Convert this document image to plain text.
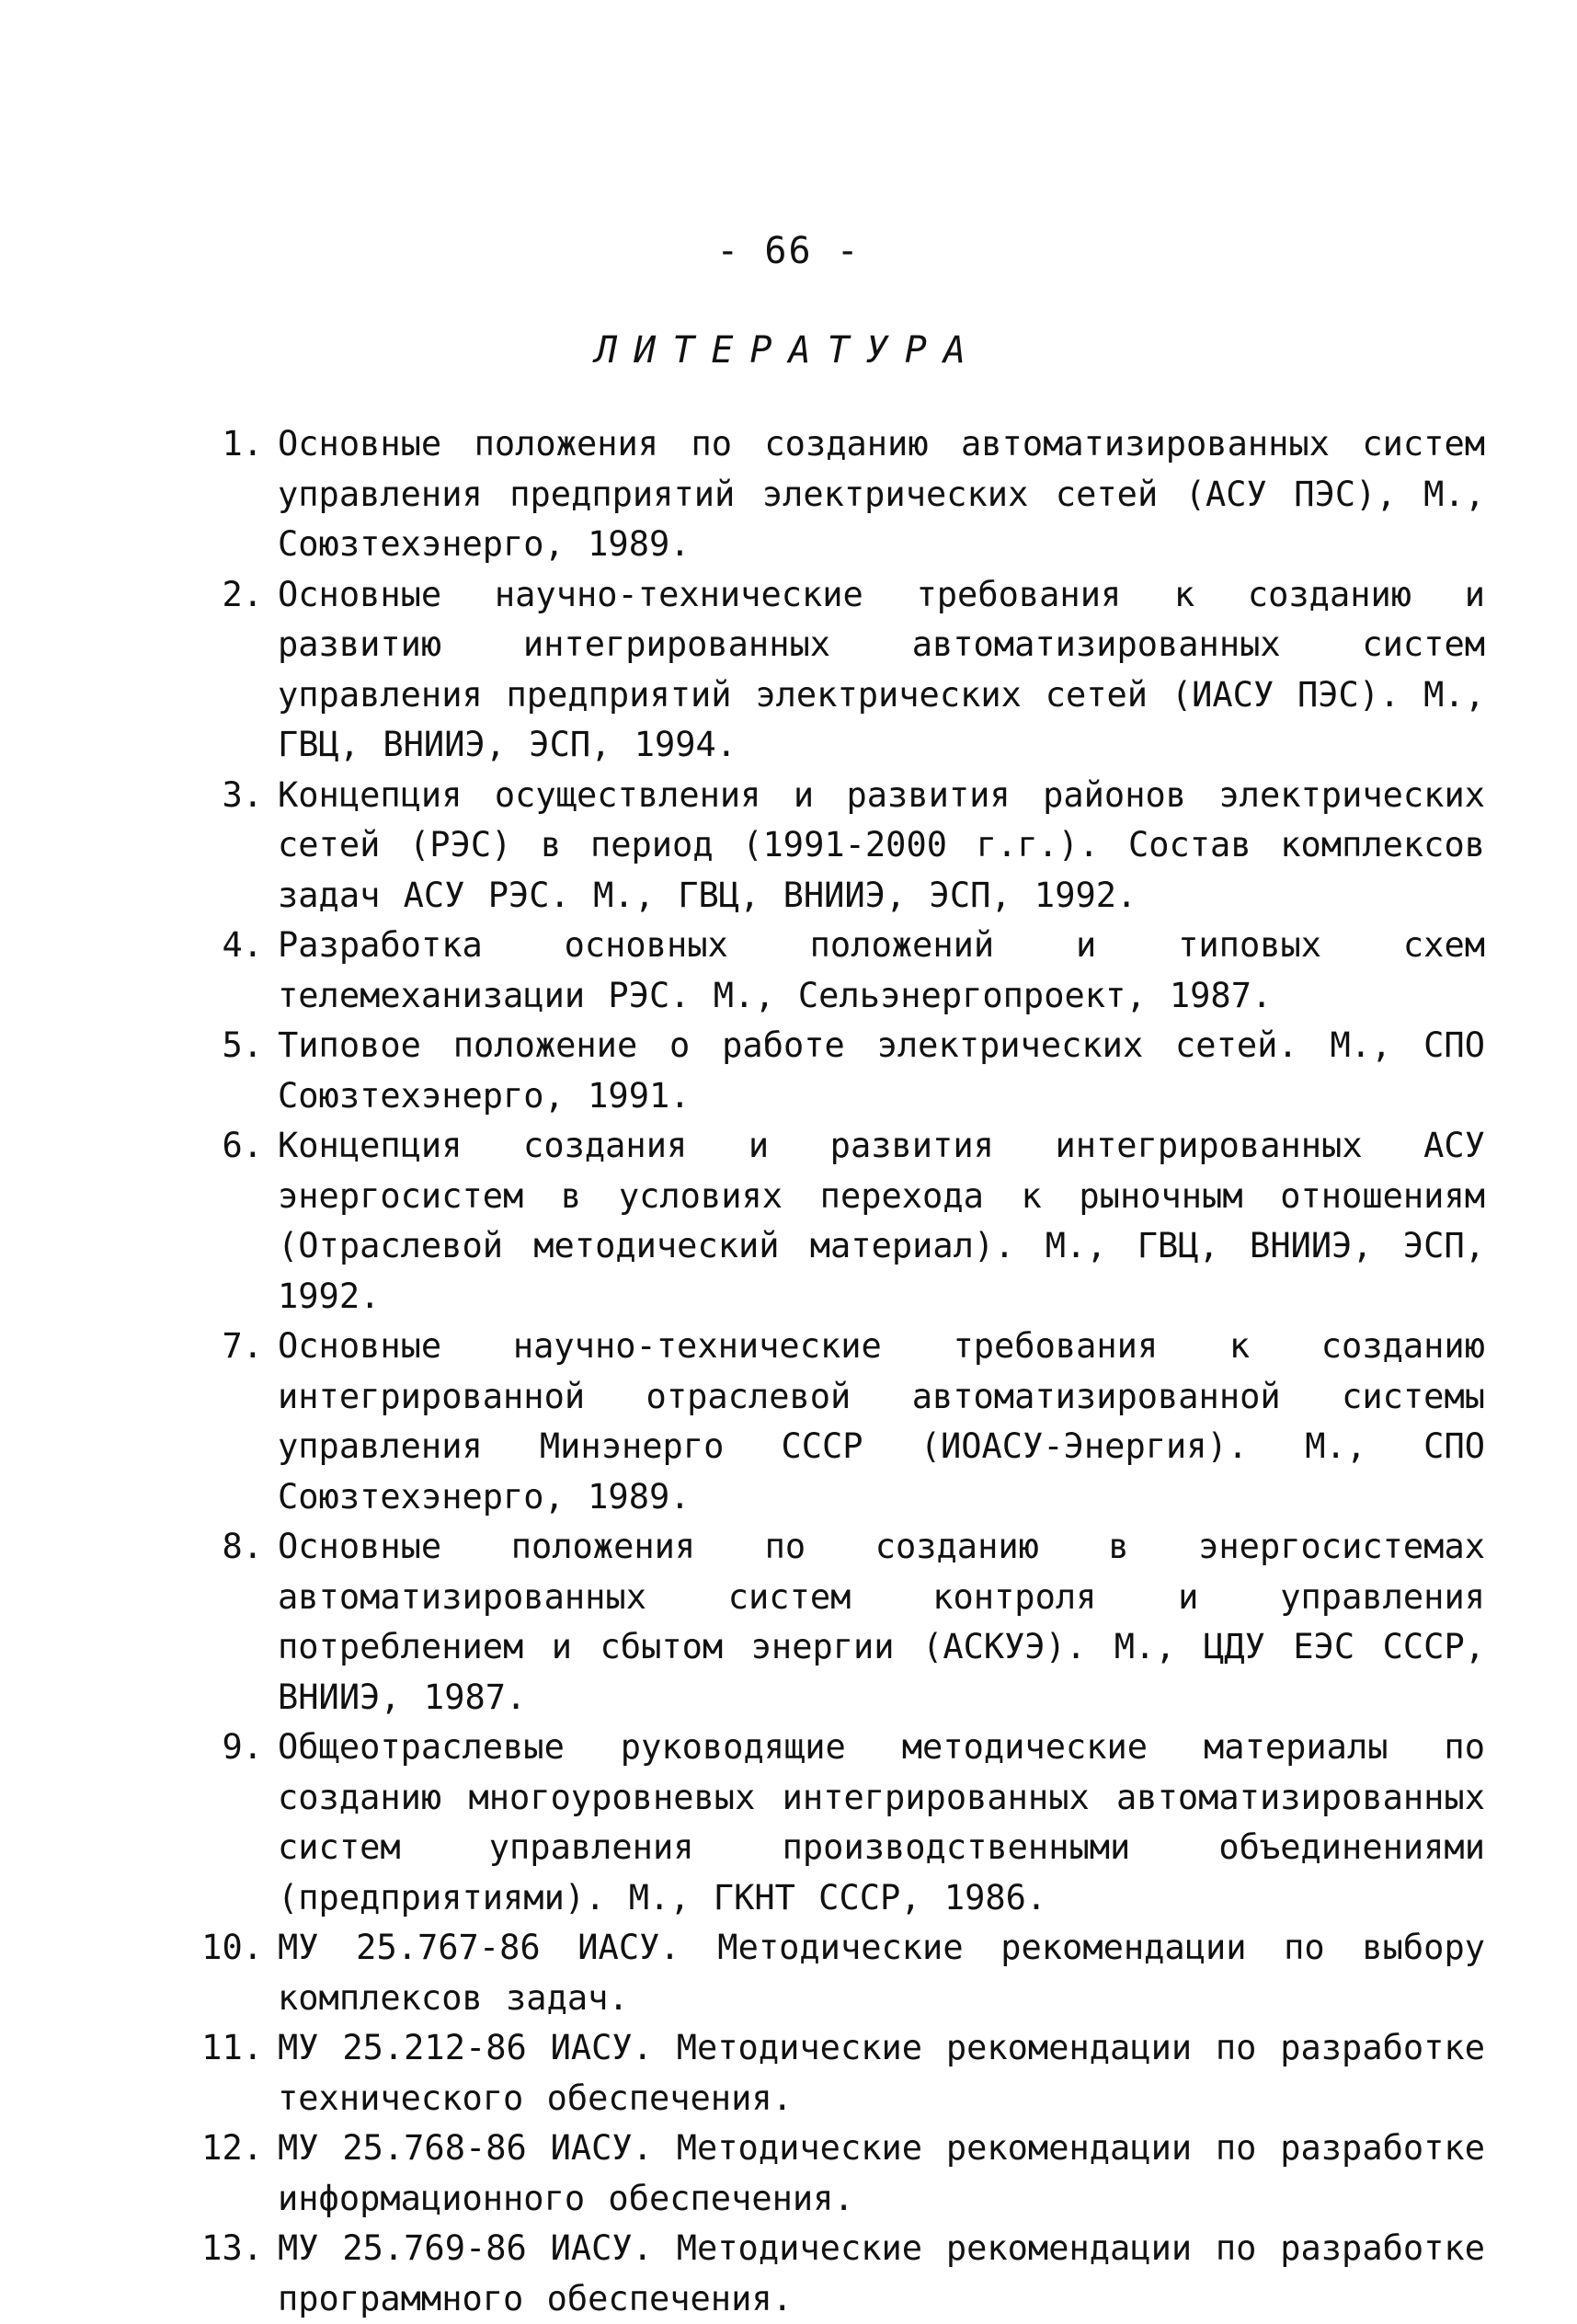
- 66 -
ЛИТЕРАТУРА
1. Основные положения по созданию автоматизированных систем управления предприятий электрических сетей (АСУ ПЭС), М., Союзтехэнерго, 1989.
2. Основные научно-технические требования к созданию и развитию интегрированных автоматизированных систем управления предприятий электрических сетей (ИАСУ ПЭС). М., ГВЦ, ВНИИЭ, ЭСП, 1994.
3. Концепция осуществления и развития районов электрических сетей (РЭС) в период (1991-2000 г.г.). Состав комплексов задач АСУ РЭС. М., ГВЦ, ВНИИЭ, ЭСП, 1992.
4. Разработка основных положений и типовых схем телемеханизации РЭС. М., Сельэнергопроект, 1987.
5. Типовое положение о работе электрических сетей. М., СПО Союзтехэнерго, 1991.
6. Концепция создания и развития интегрированных АСУ энергосистем в условиях перехода к рыночным отношениям (Отраслевой методический материал). М., ГВЦ, ВНИИЭ, ЭСП, 1992.
7. Основные научно-технические требования к созданию интегрированной отраслевой автоматизированной системы управления Минэнерго СССР (ИОАСУ-Энергия). М., СПО Союзтехэнерго, 1989.
8. Основные положения по созданию в энергосистемах автоматизированных систем контроля и управления потреблением и сбытом энергии (АСКУЭ). М., ЦДУ ЕЭС СССР, ВНИИЭ, 1987.
9. Общеотраслевые руководящие методические материалы по созданию многоуровневых интегрированных автоматизированных систем управления производственными объединениями (предприятиями). М., ГКНТ СССР, 1986.
10. МУ 25.767-86 ИАСУ. Методические рекомендации по выбору комплексов задач.
11. МУ 25.212-86 ИАСУ. Методические рекомендации по разработке технического обеспечения.
12. МУ 25.768-86 ИАСУ. Методические рекомендации по разработке информационного обеспечения.
13. МУ 25.769-86 ИАСУ. Методические рекомендации по разработке программного обеспечения.
